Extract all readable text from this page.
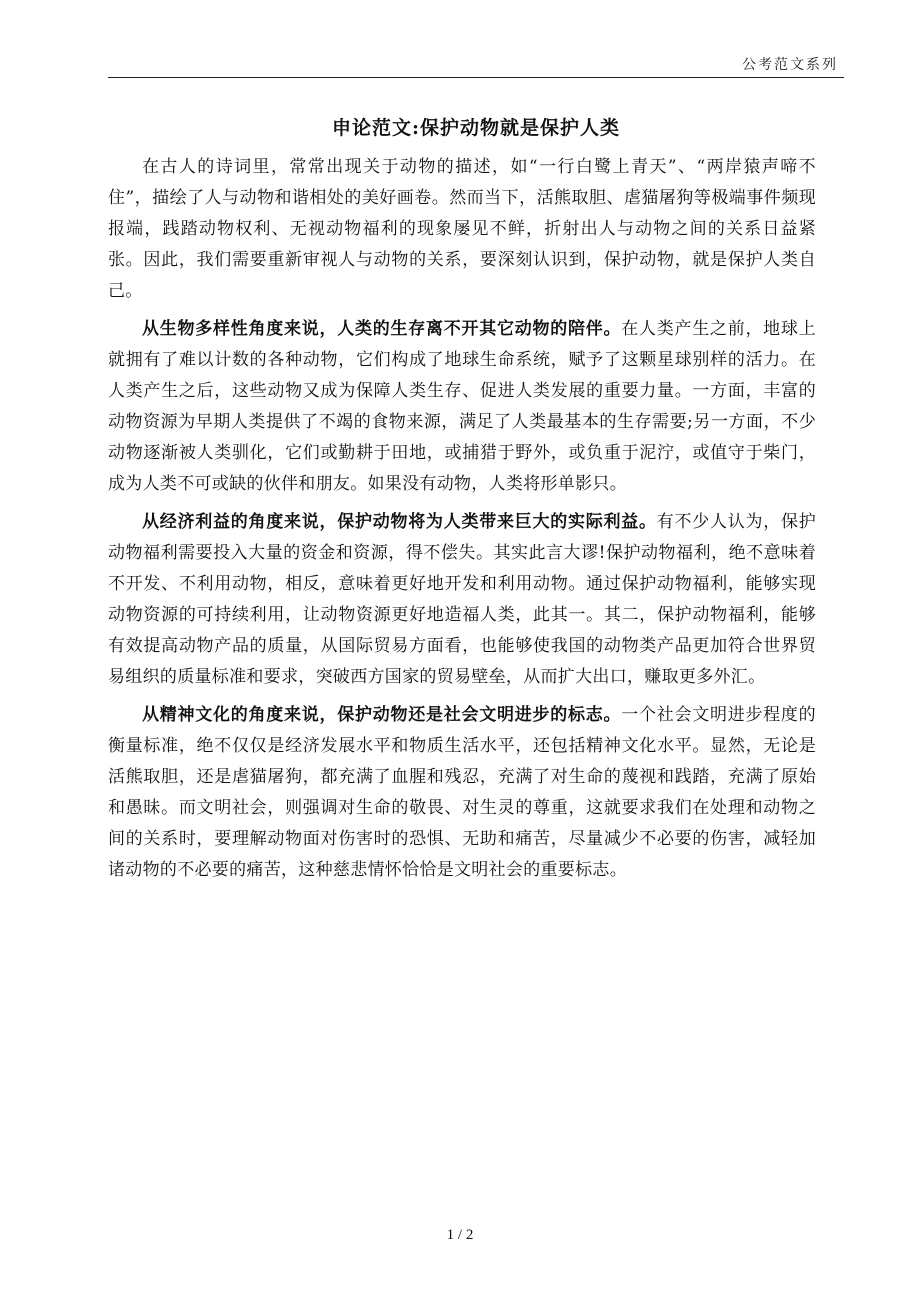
公考范文系列
申论范文:保护动物就是保护人类

在古人的诗词里，常常出现关于动物的描述，如“一行白鹭上青天”、“两岸猿声啼不住”，描绘了人与动物和谐相处的美好画卷。然而当下，活熊取胆、虐猫屠狗等极端事件频现报端，践踏动物权利、无视动物福利的现象屡见不鲜，折射出人与动物之间的关系日益紧张。因此，我们需要重新审视人与动物的关系，要深刻认识到，保护动物，就是保护人类自己。

从生物多样性角度来说，人类的生存离不开其它动物的陪伴。在人类产生之前，地球上就拥有了难以计数的各种动物，它们构成了地球生命系统，赋予了这颗星球别样的活力。在人类产生之后，这些动物又成为保障人类生存、促进人类发展的重要力量。一方面，丰富的动物资源为早期人类提供了不竭的食物来源，满足了人类最基本的生存需要;另一方面，不少动物逐渐被人类驯化，它们或勤耕于田地，或捕猎于野外，或负重于泥泞，或值守于柴门，成为人类不可或缺的伙伴和朋友。如果没有动物，人类将形单影只。

从经济利益的角度来说，保护动物将为人类带来巨大的实际利益。有不少人认为，保护动物福利需要投入大量的资金和资源，得不偿失。其实此言大谬!保护动物福利，绝不意味着不开发、不利用动物，相反，意味着更好地开发和利用动物。通过保护动物福利，能够实现动物资源的可持续利用，让动物资源更好地造福人类，此其一。其二，保护动物福利，能够有效提高动物产品的质量，从国际贸易方面看，也能够使我国的动物类产品更加符合世界贸易组织的质量标准和要求，突破西方国家的贸易壁垒，从而扩大出口，赚取更多外汇。

从精神文化的角度来说，保护动物还是社会文明进步的标志。一个社会文明进步程度的衡量标准，绝不仅仅是经济发展水平和物质生活水平，还包括精神文化水平。显然，无论是活熊取胆，还是虐猫屠狗，都充满了血腥和残忍，充满了对生命的蔑视和践踏，充满了原始和愚昧。而文明社会，则强调对生命的敬畏、对生灵的尊重，这就要求我们在处理和动物之间的关系时，要理解动物面对伤害时的恐惧、无助和痛苦，尽量减少不必要的伤害，减轻加诸动物的不必要的痛苦，这种慈悲情怀恰恰是文明社会的重要标志。

1 / 2
